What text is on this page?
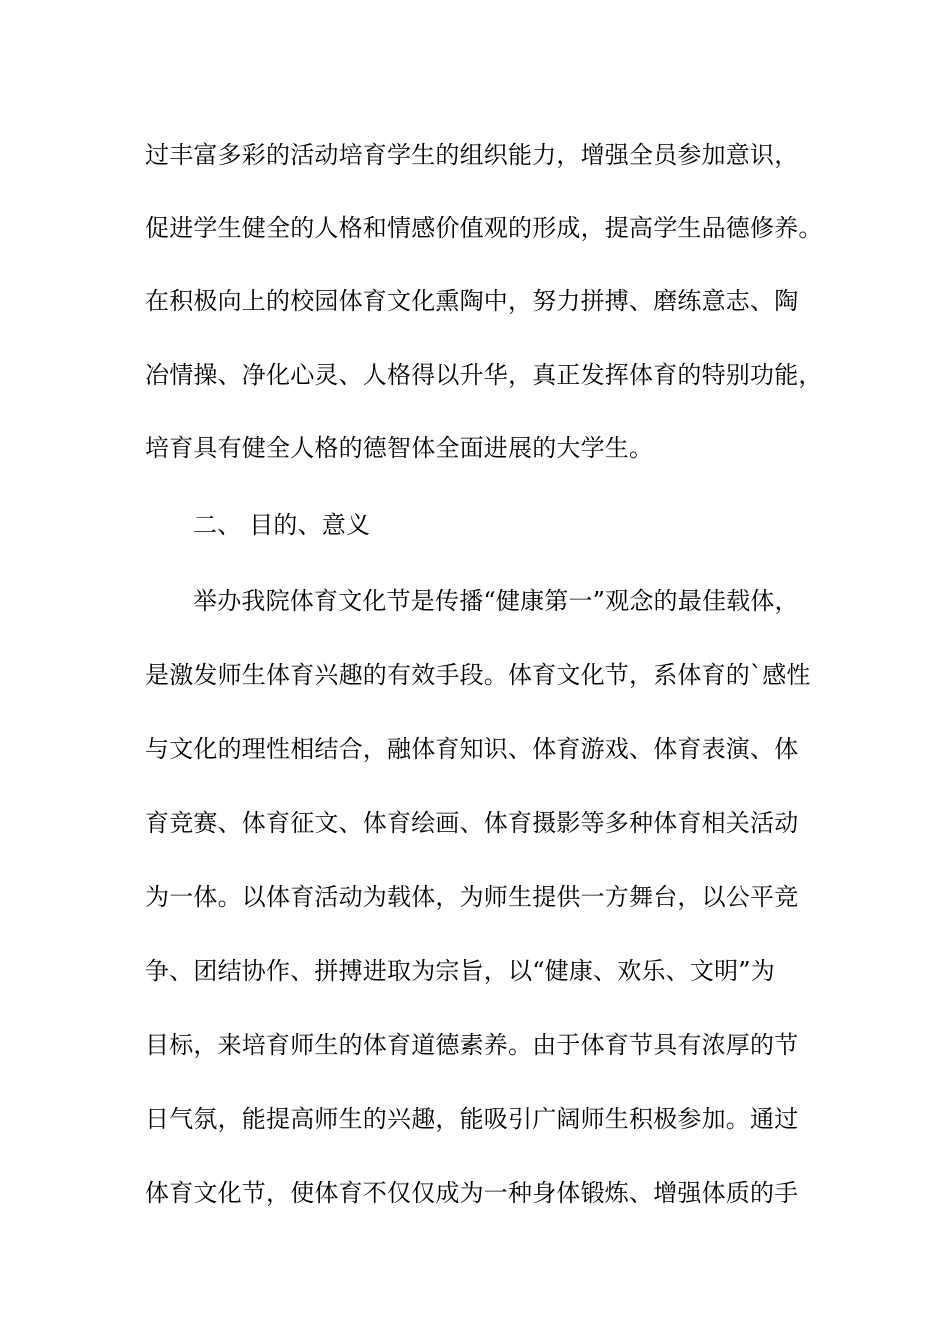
过丰富多彩的活动培育学生的组织能力，增强全员参加意识，
促进学生健全的人格和情感价值观的形成，提高学生品德修养。
在积极向上的校园体育文化熏陶中，努力拼搏、磨练意志、陶
冶情操、净化心灵、人格得以升华，真正发挥体育的特别功能，
培育具有健全人格的德智体全面进展的大学生。
二、 目的、意义
举办我院体育文化节是传播“健康第一”观念的最佳载体，
是激发师生体育兴趣的有效手段。体育文化节，系体育的`感性
与文化的理性相结合，融体育知识、体育游戏、体育表演、体
育竞赛、体育征文、体育绘画、体育摄影等多种体育相关活动
为一体。以体育活动为载体，为师生提供一方舞台，以公平竞
争、团结协作、拼搏进取为宗旨，以“健康、欢乐、文明”为
目标，来培育师生的体育道德素养。由于体育节具有浓厚的节
日气氛，能提高师生的兴趣，能吸引广阔师生积极参加。通过
体育文化节，使体育不仅仅成为一种身体锻炼、增强体质的手
